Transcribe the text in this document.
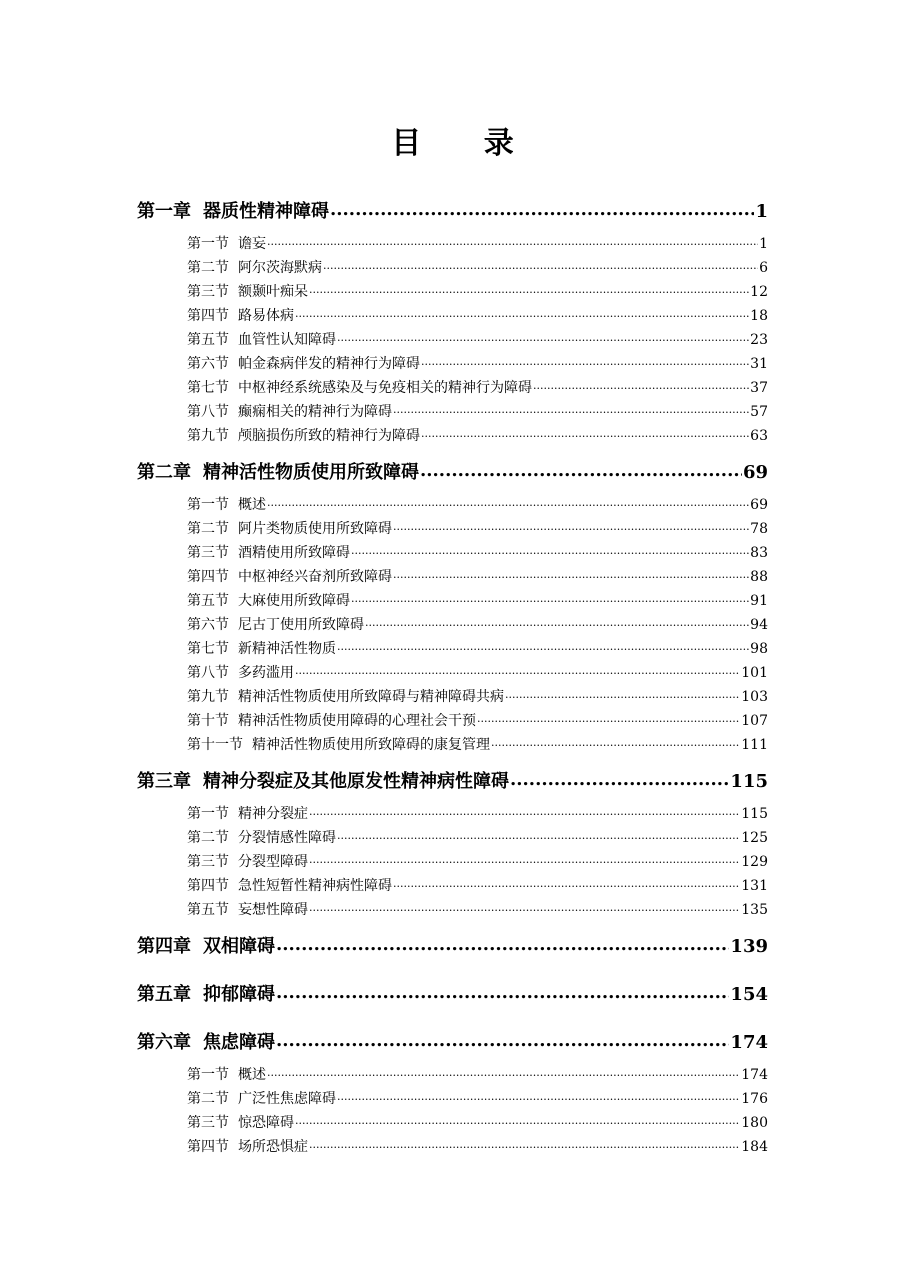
目 录
第一章 器质性精神障碍 .....	1
第一节 谵妄 .....	1
第二节 阿尔茨海默病 .....	6
第三节 额颞叶痴呆 .....	12
第四节 路易体病 .....	18
第五节 血管性认知障碍 .....	23
第六节 帕金森病伴发的精神行为障碍 .....	31
第七节 中枢神经系统感染及与免疫相关的精神行为障碍 .....	37
第八节 癫痫相关的精神行为障碍 .....	57
第九节 颅脑损伤所致的精神行为障碍 .....	63
第二章 精神活性物质使用所致障碍 .....	69
第一节 概述 .....	69
第二节 阿片类物质使用所致障碍 .....	78
第三节 酒精使用所致障碍 .....	83
第四节 中枢神经兴奋剂所致障碍 .....	88
第五节 大麻使用所致障碍 .....	91
第六节 尼古丁使用所致障碍 .....	94
第七节 新精神活性物质 .....	98
第八节 多药滥用 .....	101
第九节 精神活性物质使用所致障碍与精神障碍共病 .....	103
第十节 精神活性物质使用障碍的心理社会干预 .....	107
第十一节 精神活性物质使用所致障碍的康复管理 .....	111
第三章 精神分裂症及其他原发性精神病性障碍 .....	115
第一节 精神分裂症 .....	115
第二节 分裂情感性障碍 .....	125
第三节 分裂型障碍 .....	129
第四节 急性短暂性精神病性障碍 .....	131
第五节 妄想性障碍 .....	135
第四章 双相障碍 .....	139
第五章 抑郁障碍 .....	154
第六章 焦虑障碍 .....	174
第一节 概述 .....	174
第二节 广泛性焦虑障碍 .....	176
第三节 惊恐障碍 .....	180
第四节 场所恐惧症 .....	184
